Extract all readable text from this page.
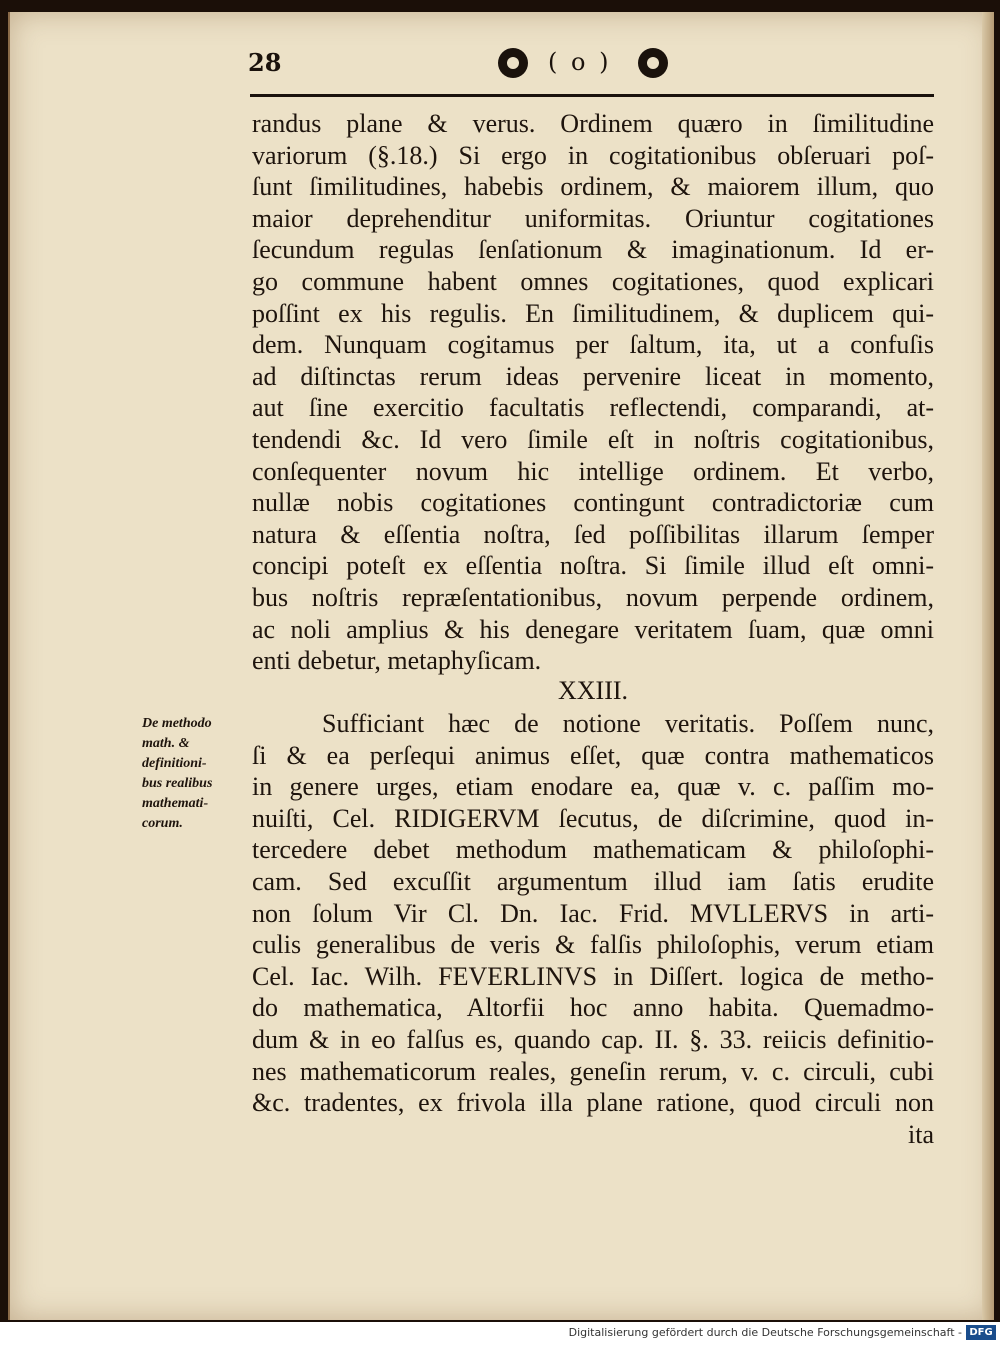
28	( o )
randus plane & verus. Ordinem quæro in ſimilitudine
variorum (§.18.) Si ergo in cogitationibus obſeruari poſ-
ſunt ſimilitudines, habebis ordinem, & maiorem illum, quo
maior deprehenditur uniformitas. Oriuntur cogitationes
ſecundum regulas ſenſationum & imaginationum. Id er-
go commune habent omnes cogitationes, quod explicari
poſſint ex his regulis. En ſimilitudinem, & duplicem qui-
dem. Nunquam cogitamus per ſaltum, ita, ut a confuſis
ad diſtinctas rerum ideas pervenire liceat in momento,
aut ſine exercitio facultatis reflectendi, comparandi, at-
tendendi &c. Id vero ſimile eſt in noſtris cogitationibus,
conſequenter novum hic intellige ordinem. Et verbo,
nullæ nobis cogitationes contingunt contradictoriæ cum
natura & eſſentia noſtra, ſed poſſibilitas illarum ſemper
concipi poteſt ex eſſentia noſtra. Si ſimile illud eſt omni-
bus noſtris repræſentationibus, novum perpende ordinem,
ac noli amplius & his denegare veritatem ſuam, quæ omni
enti debetur, metaphyſicam.
XXIII.
De methodo
math. &
definitioni-
bus realibus
mathemati-
corum.
Sufficiant hæc de notione veritatis. Poſſem nunc,
ſi & ea perſequi animus eſſet, quæ contra mathematicos
in genere urges, etiam enodare ea, quæ v. c. paſſim mo-
nuiſti, Cel. RIDIGERVM ſecutus, de diſcrimine, quod in-
tercedere debet methodum mathematicam & philoſophi-
cam. Sed excuſſit argumentum illud iam ſatis erudite
non ſolum Vir Cl. Dn. Iac. Frid. MVLLERVS in arti-
culis generalibus de veris & falſis philoſophis, verum etiam
Cel. Iac. Wilh. FEVERLINVS in Diſſert. logica de metho-
do mathematica, Altorfii hoc anno habita. Quemadmo-
dum & in eo falſus es, quando cap. II. §. 33. reiicis definitio-
nes mathematicorum reales, geneſin rerum, v. c. circuli, cubi
&c. tradentes, ex frivola illa plane ratione, quod circuli non
ita
Digitalisierung gefördert durch die Deutsche Forschungsgemeinschaft - DFG
